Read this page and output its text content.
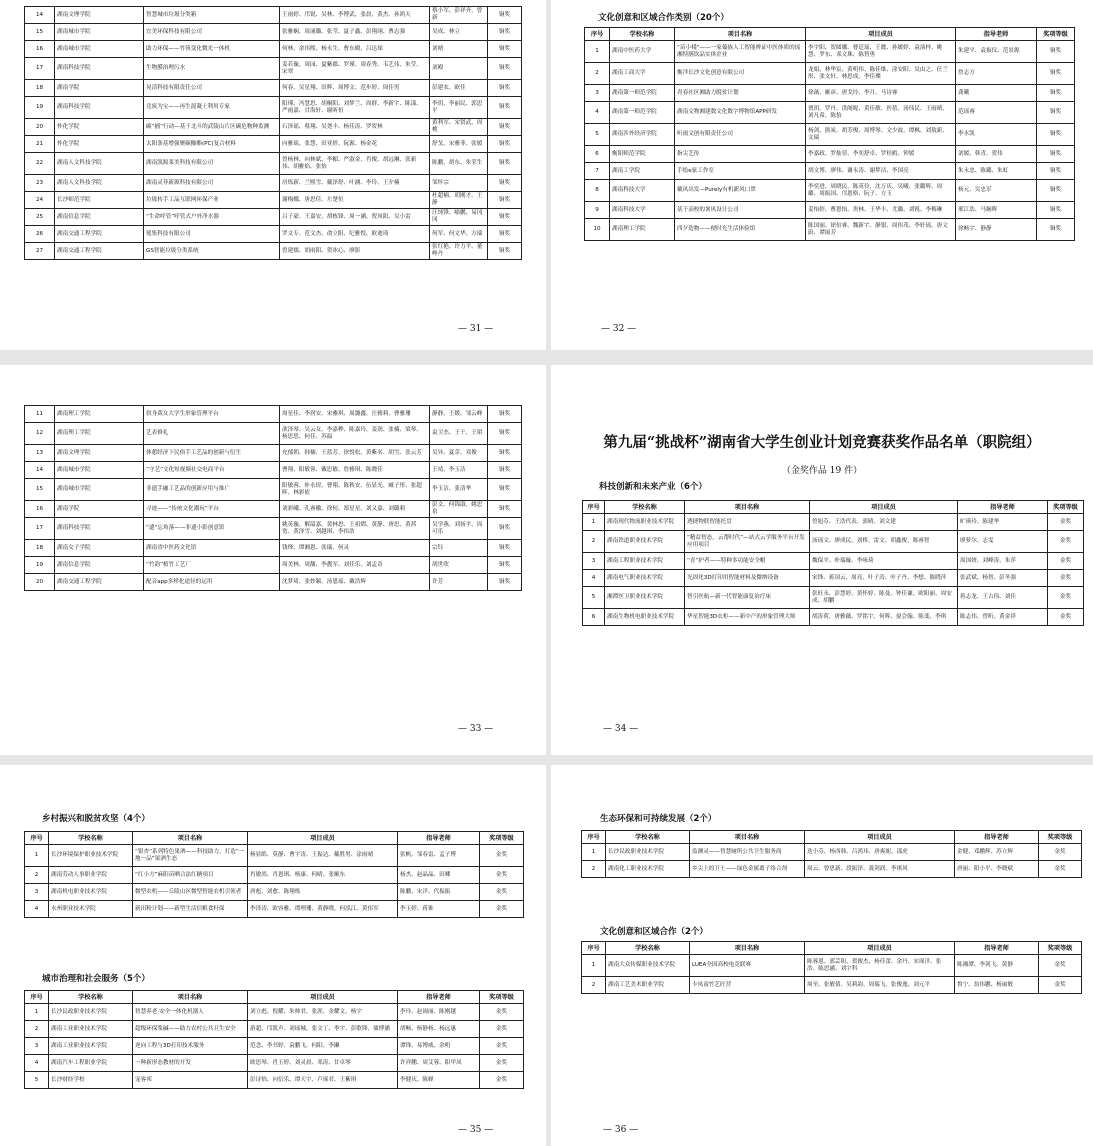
14	湖南文理学院	智慧城市垃圾分类箱	王雨婷、邝锐、吴林、李博武、张晨、黄杰、孙鸿天	蔡小军、彭祥齐、曾新	铜奖
15	湖南城市学院	宜美环保科技有限公司	张雅娴、周涌璐、张莹、夏子鑫、彭翔翊、曹志强	吴成、林立	铜奖
16	湖南城市学院	助力环保——竹筷变化微光一体机	何林、余玮熙、杨永生、曹东殿、吕达琛	刘晴	铜奖
17	湖南科技学院	生物膜治理污水	姜若璇、周园、夏紫郡、罗瑾、周春秀、韦艺伟、朱莹、宋翠	刘殿	铜奖
18	湖南学院	晃清科技有限责任公司	何春、吴星翔、田辉、周博文、范步婷、周佳男	彭建农、欧佳	铜奖
19	湖南科技学院	竞废为宝——再生混凝土利用专家	阳瑾、冯慧思、胡桐阳、刘梦兰、周群、李新宇、陈漾、严雨嘉、甘海轩、谢昕恒	李玥、李丽民、郭思平	铜奖
20	怀化学院	碳“捕”行动—基于北斗的武陵山片区碳危物种监测	石泽瑶、蔡翔、吴尧丰、杨佳涛、罗贺林	黄利军、宋贤武、周桃	铜奖
21	怀化学院	太阳条基增强聚碳酸酯(PC)复合材料	向雅瑶、张慧、田亚婷、阮源、杨金花	舒戈、宋雅菲、张媛	铜奖
22	湖南人文科技学院	湖南凯源莱美科技有限公司	曾杨林、向林斌、李楣、严淑金、肖俊、胡远琳、张新伟、胡雅焰、张怡	陈鹏、胡东、朱荣生	铜奖
23	湖南人文科技学院	湖南灵菲新源科技有限公司	房炼新、兰熙雪、戴泽舒、叶涵、李玲、王介楠	邹怀宗	铜奖
24	长沙师范学院	垃圾转手工品互联网环保产业	谢梅娜、唐思佳、左楚恒	杜超楠、胡刚才、王静	铜奖
25	湖南信息学院	“生命呼管”呼管式户外净水器	吕子豪、王嘉安、胡栋锋、周一涵、贺凤阳、吴小雷	汪纯锋、喻鹏、易冈冈	铜奖
26	湖南交通工程学院	冕集科技有限公司	罗文专、范文杰、俞立阳、纪雅悦、欧迪琦	何军、何文华、方瑞	铜奖
27	湖南交通工程学院	GS智能垃圾分类系统	曾建儒、胡雨阳、贺冰心、廖影	张红艳、许力平、董峥丹	铜奖
— 31 —
文化创意和区域合作类别（20个）
序号	学校名称	项目名称	项目成员	指导老师	奖项等级
1	湖南中医药大学	“苗小棧”——一家傣族人工智能辨证中医体质的瑶湘特膳饮品实体企业	李宇阳、贺圆娜、曹廷瑶、王懿、孙媛婷、袁演梓、姚慧、罗东、邓文珠、陈智勇	朱建平、袁振仪、范景源	铜奖
2	湖南工商大学	衡洋长沙文化创意有限公司	龙娟、林华宸、黄明伟、陈佳维、涂安阳、吴由之、任兰彤、张文轩、林思成、李佳璨	詹志方	铜奖
3	湖南第一师范学院	青春社区湘助力脱贫计划	徐菡、雁彦、唐戈玲、李月、马诗睿	龚曦	铜奖
4	湖南第一师范学院	湖南文物湘建数文化数字博物馆APP研发	贾玥、罗丹、洪阁妮、黄佳敏、医蓓、汤伟民、王雨晴、刘凡希、陈怡	范瑶睿	铜奖
5	湖南涉外经济学院	听雨文创有限责任公司	杨剑、熊炭、胡芳俊、周博琴、文少波、谭枫、刘敖新、文瑞	李水凯	铜奖
6	衡阳师范学院	指尖艺传	李嘉政、罗灿堃、李奕舒卓、罗桂鸥、钟媛	刘媛、韩青、贺伟	铜奖
7	湖南工学院	手绘e家工作室	胡文博、廖伟、谢永涛、谢梦洁、李国亮	朱永忠、陈璐、朱虹	铜奖
8	湖南科技大学	戴风出发—Purely有机新风口罩	李奕进、周晓民、陈英伶、沈万庆、吴曦、张璐辉、周璐、周振国、邝恩格、阮子、方玉	杨元、吴忠军	铜奖
9	湖南科技大学	基于高校的暑风设计公司	姜怡婷、曹恩怡、贵林、王华丰、尤璐、刘锐、李梅琳	邢江浩、马娴晖	铜奖
10	湖南理工学院	四夕造物——便时光生活体验馆	陈国丽、徐倍睿、魏新宇、静银、周伟茂、李轩瑶、唐文蔚、谭丽芳	徐畅宇、静静	铜奖
— 32 —
11	湖南理工学院	叙身裁女大学生形象管理平台	周星佳、李润安、宋雅琪、周潞鑫、汪雅莉、曹雅珊	静静、王媛、邹云峰	铜奖
12	湖南理工学院	艺表修礼	歆泽琴、吴云女、李嘉桦、陈嘉玲、姜润、张楠、梁琴、杨思思、何佳、苏温	袁卫杰、王千、王珺	铜奖
13	湖南文理学院	休憩经济下民俗手工艺品的创新与衍生	允郁朝、韩楠、王蓝芳、徐悦松、黄紫名、胡雪、张云芳	吴异、夏芽、邓俊	铜奖
14	湖南城市学院	“守艺”文化短视频社交电商平台	曹翔、阳敏蓉、戴思敏、詹雅琪、陈晓佳	王靖、李玉洁	铜奖
15	湖南城市学院	非遗手融工艺品的创新应用与推广	阳敏蓉、朴永煜、曹翔、陈秋安、伍显光、臧子彤、张超晖、林彩依	李玉洁、张清华	铜奖
16	湖南学院	寻迹——“传统文化潮玩”平台	刘彩峨、孔睿徽、徐何、郑星星、刘又嘉、刘璐莉	彭文、何锦淑、姚思泉	铜奖
17	湖南科技学院	“遗”忘角落——非遗小影创意馆	姚英璇、解韶嘉、黄林思、王祖熠、黄静、唐思、黄茜宽、黄泽雪、刘越琪、李伟浩	吴学燕、刘扬平、周可乐	铜奖
18	湖南女子学院	湖南省中医药文化馆	钱烽、谭湘恩、张瑞、何灵	宗钰	铜奖
19	湖南信息学院	“竹韵”植竹工艺厂	周美林、周馥、李靓军、刘佳乐、刘孟奇	胡世欣	铜奖
20	湖南交通工程学院	配音app多样化途径的运用	沈梦琦、张妙颖、汤恩瑶、戴浩辉	许芳	铜奖
— 33 —
第九届“挑战杯”湖南省大学生创业计划竞赛获奖作品名单（职院组）
（金奖作品 19 件）
科技创新和未来产业（6个）
序号	学校名称	项目名称	项目成员	指导老师	奖项等级
1	湖南现代物流职业技术学院	透捷物联智能托盘	曾旭芬、王浩代表、郭晴、刘文建	旷瑛玲、陈建华	金奖
2	湖南铁道职业技术学院	“精益智态，云帮时代”—站式云学服务平台开发应用项目	汤瑶文、廖成民、刘桥、雷文、胡鑫俊、陈睿智	廖萝尔、志雯	金奖
3	湖南工程职业技术学院	“青”护者——特种多功能安全帽	魏保平、朴瑞璇、李咏琦	周国妍、刘峰涛、朱萍	金奖
4	湖南电气职业技术学院	光固化3D打印用智能材料及微纳设备	宋锋、蒋国云、周亮、叶子涛、叶子丹、李想、陈晓萍	张武斌、杨智、彭冬强	金奖
5	湘潭医卫职业技术学院	智引医航—新一代智能康复治疗床	张旺永、彭慧婷、黄怀婷、陈曼、钟佳谦、欧阳丽、周安成、胡鹏	蒋志龙、王古伟、刘佳	金奖
6	湖南生物机电职业技术学院	华星智能3D衣柜——新中产的形象管理大师	胡涛荷、唐雅薇、罗铭宇、何晖、晏会翰、陈斐、李琪	陈志伟、曾昕、黄金祥	金奖
— 34 —
乡村振兴和脱贫攻坚（4个）
序号	学校名称	项目名称	项目成员	指导老师	奖项等级
1	长沙环境保护职业技术学院	“银杏”系列特色果酒——科技助力，打造“一地一品”果酒生态	杨显皓、莫静、曹宇涛、王振达、戴胜男、涂雨晴	张帆、邹春雷、孟子博	金奖
2	湖南劳动人事职业学院	“红小方”麻阳苗晒合法红糖项目	肖敏尚、肖恩琪、杨康、何晴、张顺东	杨杰、赵晶晶、田卿	金奖
3	湖南机电职业技术学院	微型农机——丘陵山区微型智能农机引领者	唐彪、刘愈、陈翔烁	陈鹏、宋洋、代振振	金奖
4	永州职业技术学院	新田粉计划——新型生活信粮食杆保	李泽涛、欧容雅、谭理珊、黄静晓、何泓江、黄伟军	李玉婷、蒋锥	金奖
城市治理和社会服务（5个）
序号	学校名称	项目名称	项目成员	指导老师	奖项等级
1	长沙民政职业技术学院	智慧养老·安全一体化机器人	刘立彪、倪耀、朱帅君、张涯、金耀文、杨宇	李玲、赵闽丽、陈刚越	金奖
2	湖南工业职业技术学院	超级环保浆碱——助力农村公共卫生安全	游超、邝凯声、刘瑶城、张文丁、李宇、彭歌锋、储博涵	胡畅、杨静杨、杨远惠	金奖
3	湖南工业职业技术学院	逆向工程与3D打印技术服务	范念、李书婷、袁鹏飞、何阳、李濑	谭锋、易博威、余明	金奖
4	湖南汽车工程职业学院	一种新形态教材的开发	欧思琴、肖玉婷、刘灵晨、邓涛、甘卓琴	许祥鹏、周艾蓉、阳甲凤	金奖
5	长沙财经学校	宠客邦	彭诗怡、向衍乐、谭天宇、卢琢君、王紫琪	李健庆、陈婵	金奖
— 35 —
生态环保和可持续发展（2个）
序号	学校名称	项目名称	项目成员	指导老师	奖项等级
1	长沙民政职业技术学院	监测灵——智慧厕所公共卫生服务商	迭小芬、杨西韩、吕鸿玮、唐爽妮、邵虎	金健、邓鹏辉、苏立辉	金奖
2	湖南化工职业技术学院	乡尖上的卫士——绿色金属离子络合剂	周云、曾思新、段振泽、龚剑润、李琪风	唐丽、阳小平、李晓斌	金奖
文化创意和区域合作（2个）
序号	学校名称	项目名称	项目成员	指导老师	奖项等级
1	湖南大众传媒职业技术学院	LUEA全国高校电竞联赛	陈蓉恩、郭芸阻、贺俊杰、杨佳蕾、余丹、宋琛洋、张浩、陈思涵、刘宇科	陈湘潭、李剑飞、黄静	金奖
2	湖南工艺美术职业学院	卡凤南竹艺匠营	周至、张敏倩、吴莉韵、周瑞飞、张俊逸、刘元平	鲁宁、翁伟鹏、杨丽敏	金奖
— 36 —
